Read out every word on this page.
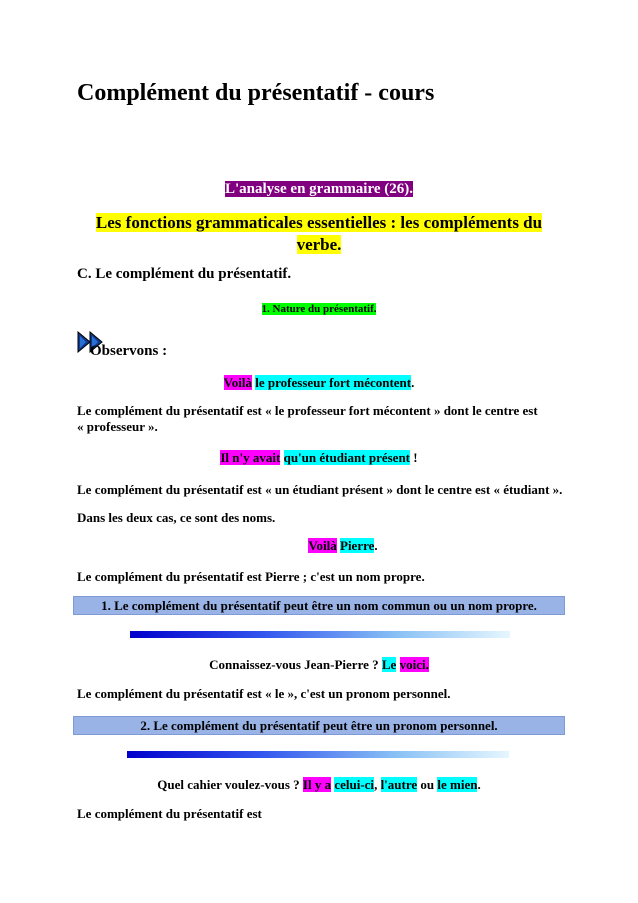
Complément du présentatif - cours
L'analyse en grammaire (26).
Les fonctions grammaticales essentielles : les compléments du
verbe.
C. Le complément du présentatif.
1. Nature du présentatif.
Observons :
Voilà le professeur fort mécontent.
Le complément du présentatif est « le professeur fort mécontent » dont le centre est « professeur ».
Il n'y avait qu'un étudiant présent !
Le complément du présentatif est « un étudiant présent » dont le centre est « étudiant ».
Dans les deux cas, ce sont des noms.
Voilà Pierre.
Le complément du présentatif est Pierre ; c'est un nom propre.
1. Le complément du présentatif peut être un nom commun ou un nom propre.
Connaissez-vous Jean-Pierre ? Le voici.
Le complément du présentatif est « le », c'est un pronom personnel.
2. Le complément du présentatif peut être un pronom personnel.
Quel cahier voulez-vous ? Il y a celui-ci, l'autre ou le mien.
Le complément du présentatif est
